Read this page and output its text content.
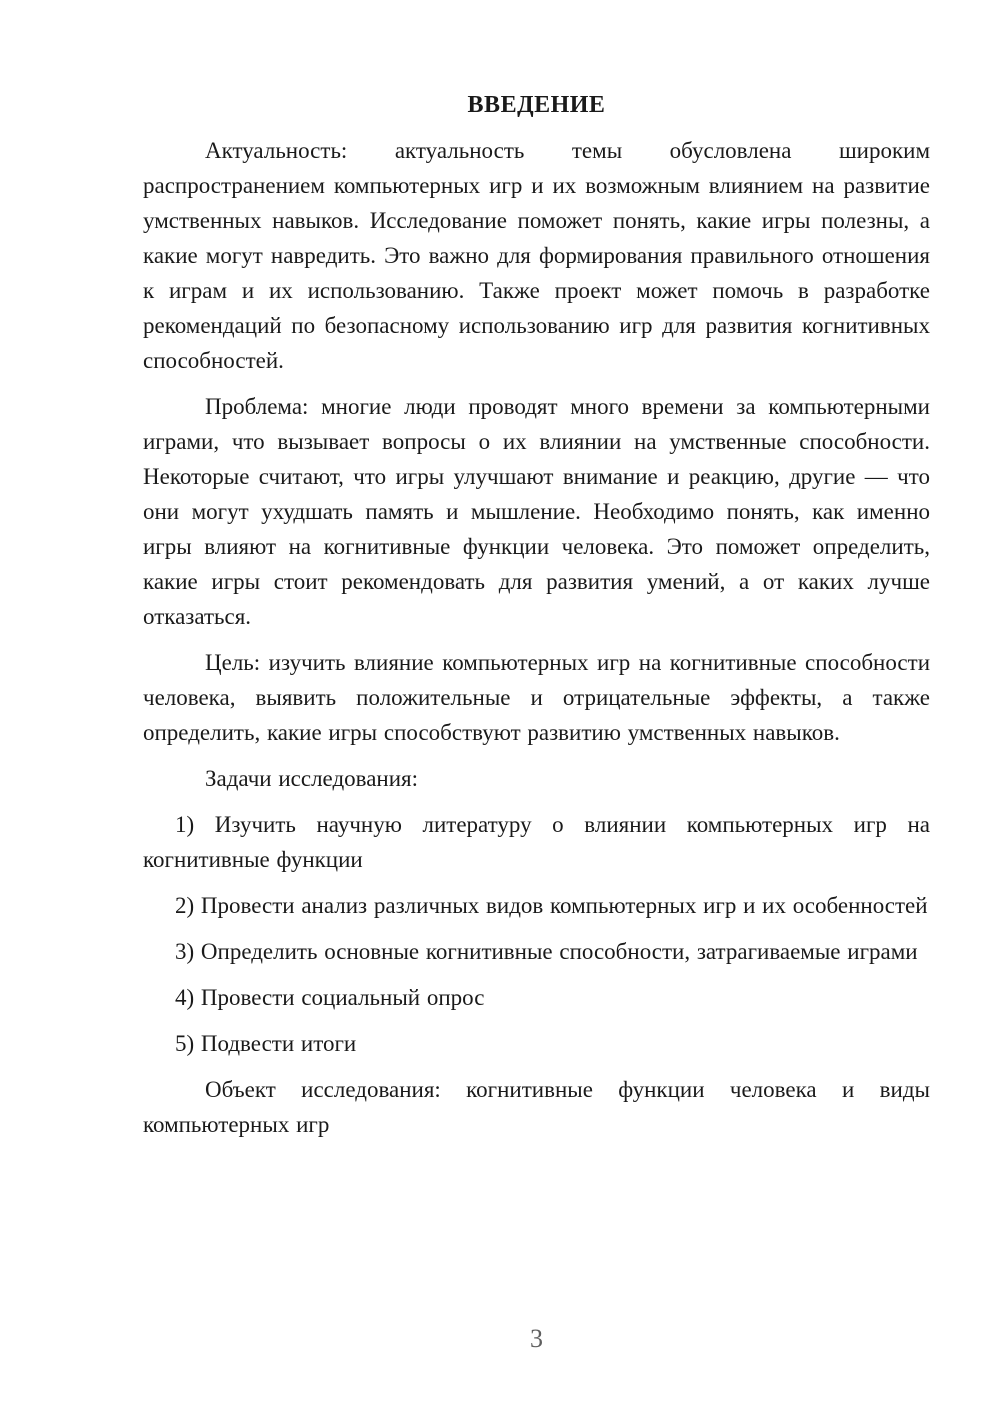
ВВЕДЕНИЕ

Актуальность: актуальность темы обусловлена широким распространением компьютерных игр и их возможным влиянием на развитие умственных навыков. Исследование поможет понять, какие игры полезны, а какие могут навредить. Это важно для формирования правильного отношения к играм и их использованию. Также проект может помочь в разработке рекомендаций по безопасному использованию игр для развития когнитивных способностей.

Проблема: многие люди проводят много времени за компьютерными играми, что вызывает вопросы о их влиянии на умственные способности. Некоторые считают, что игры улучшают внимание и реакцию, другие — что они могут ухудшать память и мышление. Необходимо понять, как именно игры влияют на когнитивные функции человека. Это поможет определить, какие игры стоит рекомендовать для развития умений, а от каких лучше отказаться.

Цель: изучить влияние компьютерных игр на когнитивные способности человека, выявить положительные и отрицательные эффекты, а также определить, какие игры способствуют развитию умственных навыков.

Задачи исследования:

1) Изучить научную литературу о влиянии компьютерных игр на когнитивные функции

2) Провести анализ различных видов компьютерных игр и их особенностей

3) Определить основные когнитивные способности, затрагиваемые играми

4) Провести социальный опрос

5) Подвести итоги

Объект исследования: когнитивные функции человека и виды компьютерных игр

3
